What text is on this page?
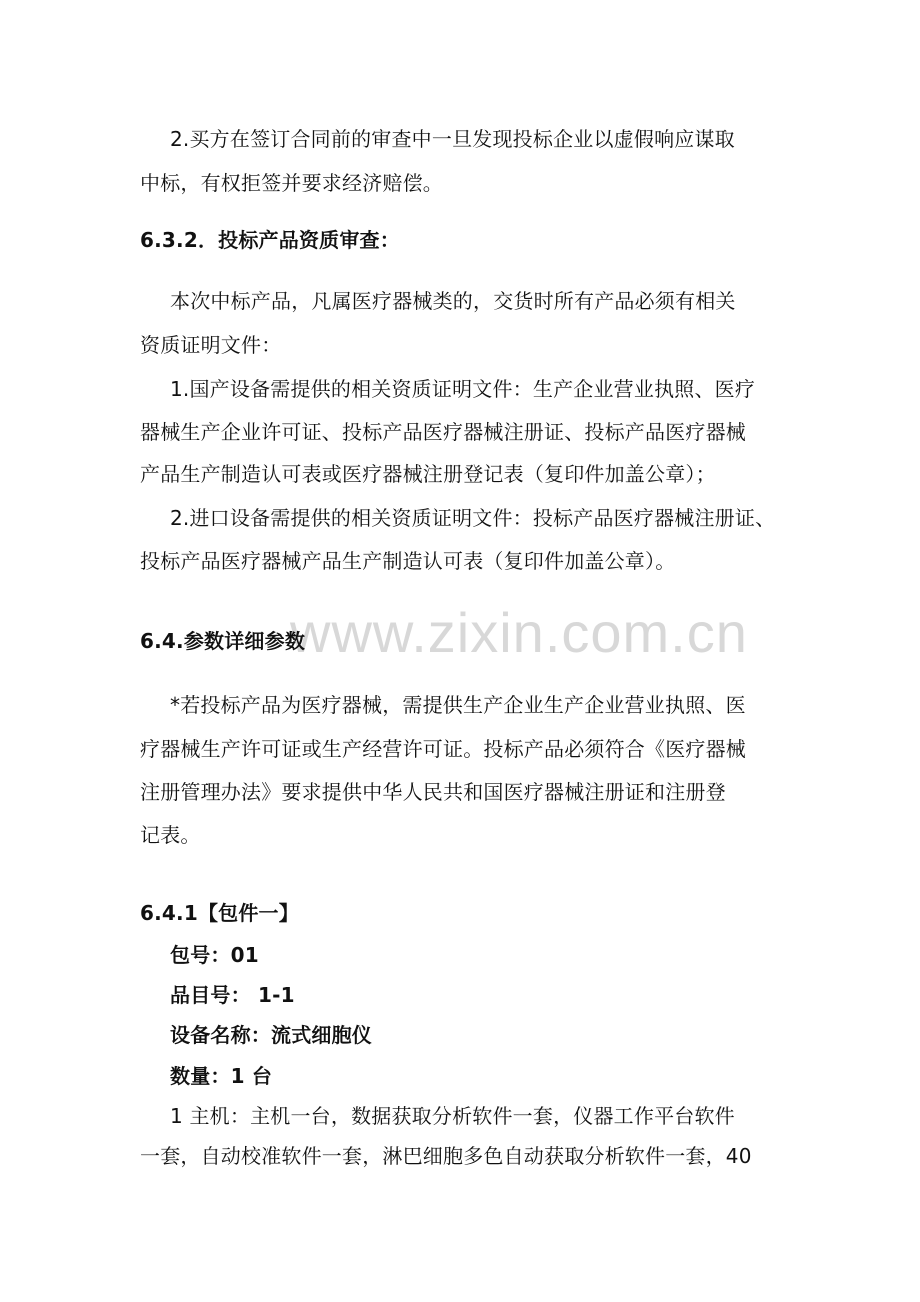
www.zixin.com.cn
2.买方在签订合同前的审查中一旦发现投标企业以虚假响应谋取
中标，有权拒签并要求经济赔偿。
6.3.2．投标产品资质审查：
本次中标产品，凡属医疗器械类的，交货时所有产品必须有相关
资质证明文件：
1.国产设备需提供的相关资质证明文件：生产企业营业执照、医疗
器械生产企业许可证、投标产品医疗器械注册证、投标产品医疗器械
产品生产制造认可表或医疗器械注册登记表（复印件加盖公章）；
2.进口设备需提供的相关资质证明文件：投标产品医疗器械注册证、
投标产品医疗器械产品生产制造认可表（复印件加盖公章）。
6.4.参数详细参数
*若投标产品为医疗器械，需提供生产企业生产企业营业执照、医
疗器械生产许可证或生产经营许可证。投标产品必须符合《医疗器械
注册管理办法》要求提供中华人民共和国医疗器械注册证和注册登
记表。
6.4.1【包件一】
包号：01
品目号： 1-1
设备名称：流式细胞仪
数量：1 台
1 主机：主机一台，数据获取分析软件一套，仪器工作平台软件
一套，自动校准软件一套，淋巴细胞多色自动获取分析软件一套，40
